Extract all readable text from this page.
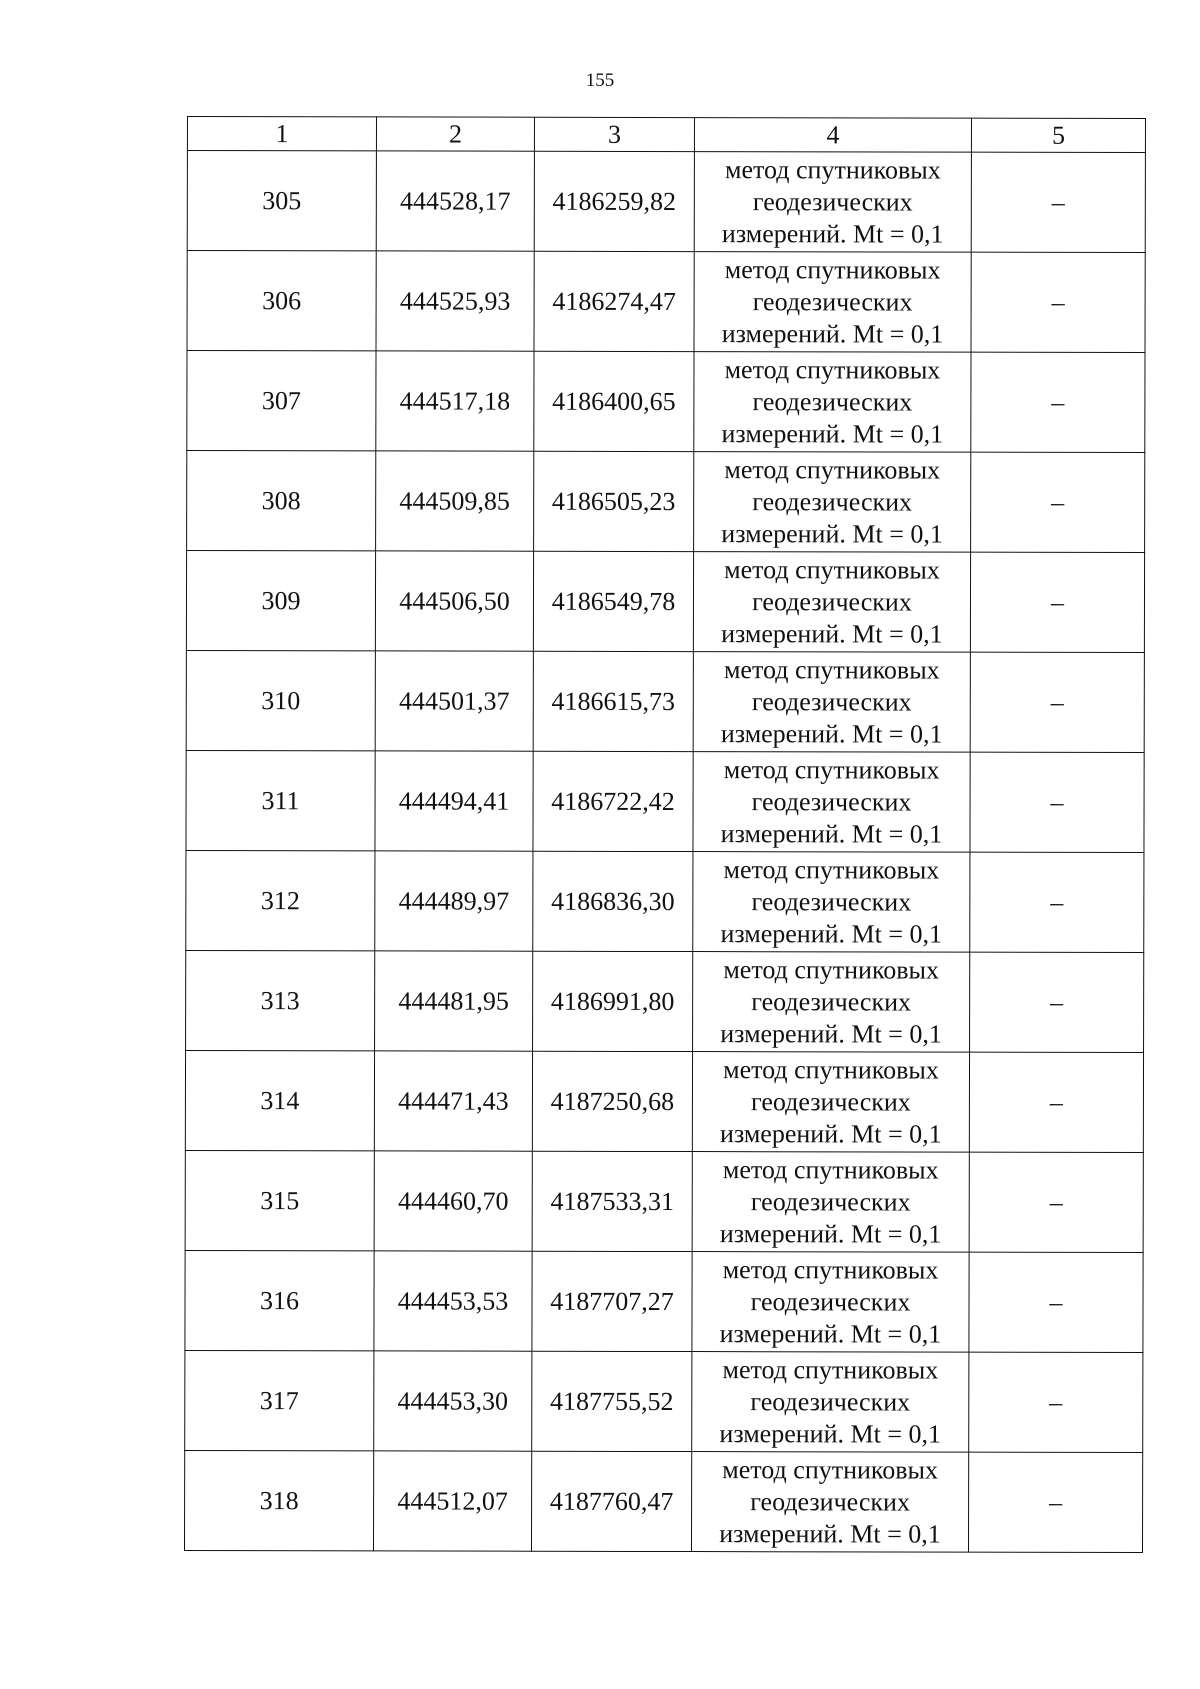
155
1	2	3	4	5
305	444528,17	4186259,82	метод спутниковых
геодезических
измерений. Mt = 0,1	–
306	444525,93	4186274,47	метод спутниковых
геодезических
измерений. Mt = 0,1	–
307	444517,18	4186400,65	метод спутниковых
геодезических
измерений. Mt = 0,1	–
308	444509,85	4186505,23	метод спутниковых
геодезических
измерений. Mt = 0,1	–
309	444506,50	4186549,78	метод спутниковых
геодезических
измерений. Mt = 0,1	–
310	444501,37	4186615,73	метод спутниковых
геодезических
измерений. Mt = 0,1	–
311	444494,41	4186722,42	метод спутниковых
геодезических
измерений. Mt = 0,1	–
312	444489,97	4186836,30	метод спутниковых
геодезических
измерений. Mt = 0,1	–
313	444481,95	4186991,80	метод спутниковых
геодезических
измерений. Mt = 0,1	–
314	444471,43	4187250,68	метод спутниковых
геодезических
измерений. Mt = 0,1	–
315	444460,70	4187533,31	метод спутниковых
геодезических
измерений. Mt = 0,1	–
316	444453,53	4187707,27	метод спутниковых
геодезических
измерений. Mt = 0,1	–
317	444453,30	4187755,52	метод спутниковых
геодезических
измерений. Mt = 0,1	–
318	444512,07	4187760,47	метод спутниковых
геодезических
измерений. Mt = 0,1	–
